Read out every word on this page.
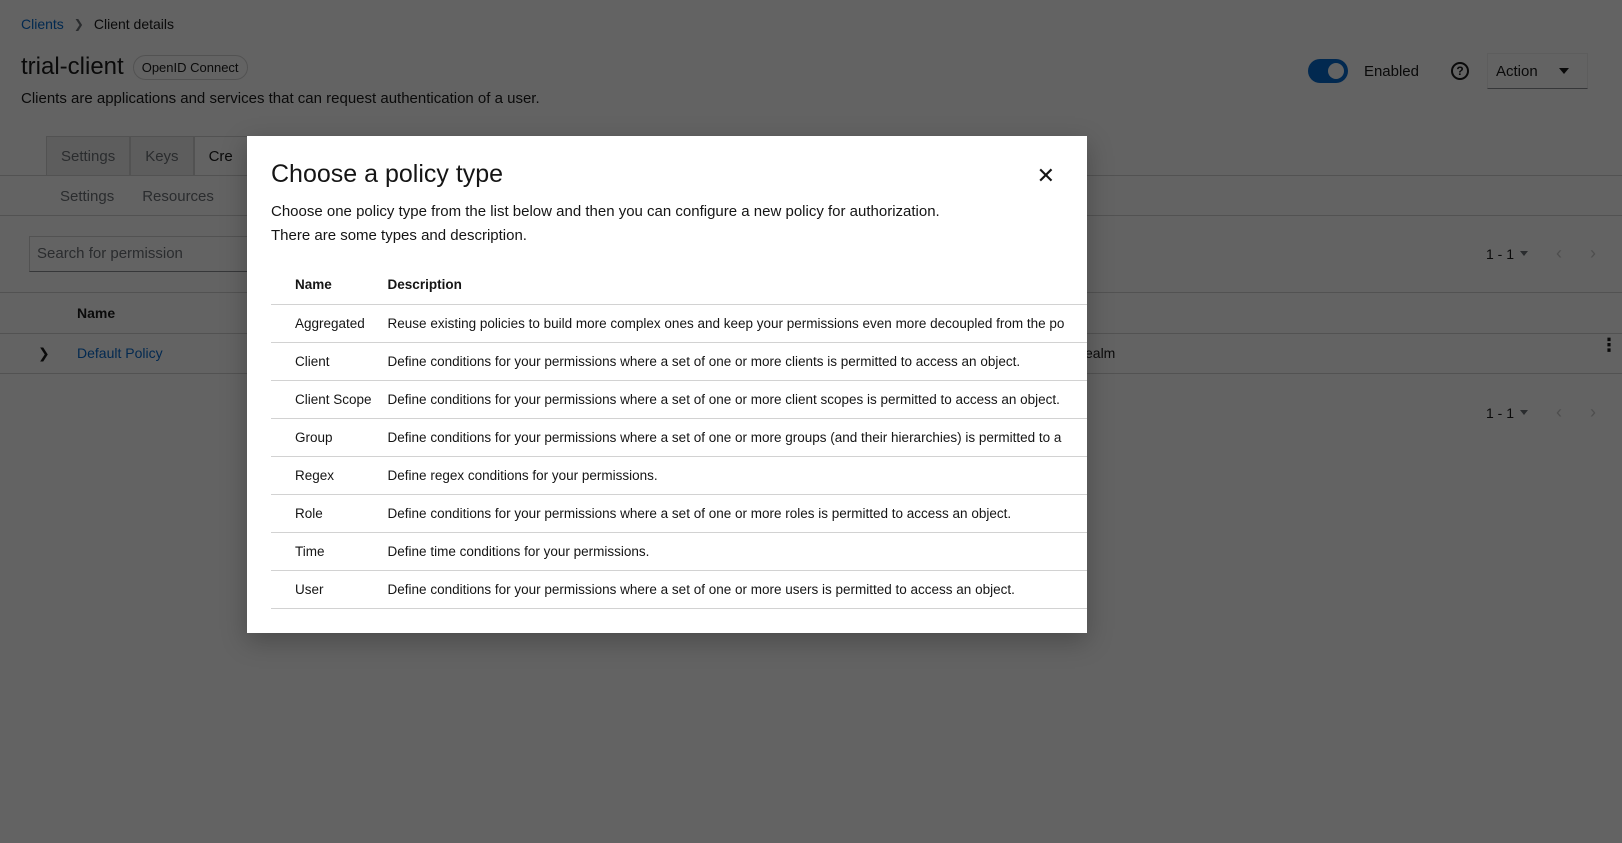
Choose a policy type	✕
Choose one policy type from the list below and then you can configure a new policy for authorization.
There are some types and description.
Name	Description
Aggregated	Reuse existing policies to build more complex ones and keep your permissions even more decoupled from the po
Client	Define conditions for your permissions where a set of one or more clients is permitted to access an object.
Client Scope	Define conditions for your permissions where a set of one or more client scopes is permitted to access an object.
Group	Define conditions for your permissions where a set of one or more groups (and their hierarchies) is permitted to a
Regex	Define regex conditions for your permissions.
Role	Define conditions for your permissions where a set of one or more roles is permitted to access an object.
Time	Define time conditions for your permissions.
User	Define conditions for your permissions where a set of one or more users is permitted to access an object.
